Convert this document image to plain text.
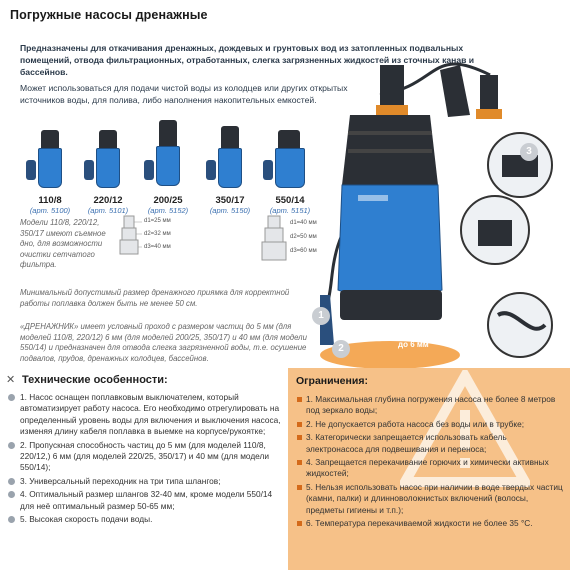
Погружные насосы дренажные
Предназначены для откачивания дренажных, дождевых и грунтовых вод из затопленных подвальных помещений, отвода фильтрационных, отработанных, слегка загрязненных жидкостей из сточных канав и бассейнов.
Может использоваться для подачи чистой воды из колодцев или других открытых источников воды, для полива, либо наполнения накопительных емкостей.
110/8
(арт. 5100)
220/12
(арт. 5101)
200/25
(арт. 5152)
350/17
(арт. 5150)
550/14
(арт. 5151)
d1=25 мм
d2=32 мм
d3=40 мм
d1=40 мм
d2=50 мм
d3=60 мм
Модели 110/8, 220/12, 350/17 имеют съемное дно, для возможности очистки сетчатого фильтра.
Минимальный допустимый размер дренажного приямка для корректной работы поплавка должен быть не менее 50 см.
«ДРЕНАЖНИК» имеет условный проход с размером частиц до 5 мм (для моделей 110/8, 220/12) 6 мм (для моделей 200/25, 350/17) и 40 мм (для модели 550/14) и предназначен для отвода слегка загрязненной воды, т.е. осушение подвалов, прудов, дренажных колодцев, бассейнов.
3
1
2	до 6 мм
✕ Технические особенности:
1. Насос оснащен поплавковым выключателем, который автоматизирует работу насоса. Его необходимо отрегулировать на определенный уровень воды для включения и выключения насоса, изменяя длину кабеля поплавка в выемке на корпусе/рукоятке;
2. Пропускная способность частиц до 5 мм (для моделей 110/8, 220/12,) 6 мм (для моделей 220/25, 350/17) и 40 мм (для модели 550/14);
3. Универсальный переходник на три типа шлангов;
4. Оптимальный размер шлангов 32-40 мм, кроме модели 550/14 для неё оптимальный размер 50-65 мм;
5. Высокая скорость подачи воды.
Ограничения:
1. Максимальная глубина погружения насоса не более 8 метров под зеркало воды;
2. Не допускается работа насоса без воды или в трубке;
3. Категорически запрещается использовать кабель электронасоса для подвешивания и переноса;
4. Запрещается перекачивание горючих и химически активных жидкостей;
5. Нельзя использовать насос при наличии в воде твердых частиц (камни, палки) и длинноволокнистых включений (волосы, предметы гигиены и т.п.);
6. Температура перекачиваемой жидкости не более 35 °С.
